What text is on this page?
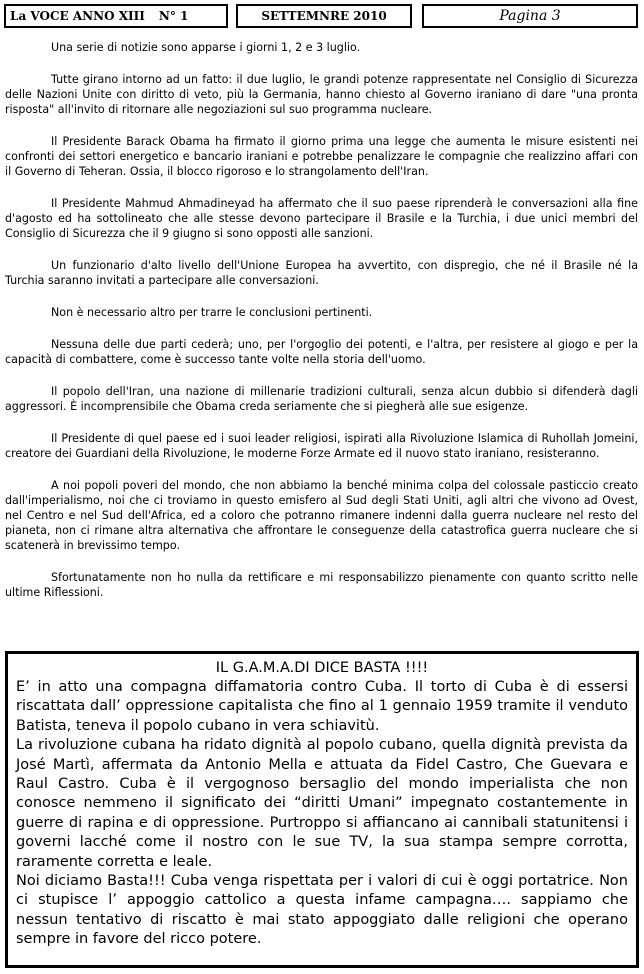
La VOCE ANNO XIII N° 1	SETTEMNRE 2010	Pagina 3

Una serie di notizie sono apparse i giorni 1, 2 e 3 luglio.

Tutte girano intorno ad un fatto: il due luglio, le grandi potenze rappresentate nel Consiglio di Sicurezza delle Nazioni Unite con diritto di veto, più la Germania, hanno chiesto al Governo iraniano di dare "una pronta risposta" all'invito di ritornare alle negoziazioni sul suo programma nucleare.

Il Presidente Barack Obama ha firmato il giorno prima una legge che aumenta le misure esistenti nei confronti dei settori energetico e bancario iraniani e potrebbe penalizzare le compagnie che realizzino affari con il Governo di Teheran. Ossia, il blocco rigoroso e lo strangolamento dell'Iran.

Il Presidente Mahmud Ahmadineyad ha affermato che il suo paese riprenderà le conversazioni alla fine d'agosto ed ha sottolineato che alle stesse devono partecipare il Brasile e la Turchia, i due unici membri del Consiglio di Sicurezza che il 9 giugno si sono opposti alle sanzioni.

Un funzionario d'alto livello dell'Unione Europea ha avvertito, con dispregio, che né il Brasile né la Turchia saranno invitati a partecipare alle conversazioni.

Non è necessario altro per trarre le conclusioni pertinenti.

Nessuna delle due parti cederà; uno, per l'orgoglio dei potenti, e l'altra, per resistere al giogo e per la capacità di combattere, come è successo tante volte nella storia dell'uomo.

Il popolo dell'Iran, una nazione di millenarie tradizioni culturali, senza alcun dubbio si difenderà dagli aggressori. È incomprensibile che Obama creda seriamente che si piegherà alle sue esigenze.

Il Presidente di quel paese ed i suoi leader religiosi, ispirati alla Rivoluzione Islamica di Ruhollah Jomeini, creatore dei Guardiani della Rivoluzione, le moderne Forze Armate ed il nuovo stato iraniano, resisteranno.

A noi popoli poveri del mondo, che non abbiamo la benché minima colpa del colossale pasticcio creato dall'imperialismo, noi che ci troviamo in questo emisfero al Sud degli Stati Uniti, agli altri che vivono ad Ovest, nel Centro e nel Sud dell'Africa, ed a coloro che potranno rimanere indenni dalla guerra nucleare nel resto del pianeta, non ci rimane altra alternativa che affrontare le conseguenze della catastrofica guerra nucleare che si scatenerà in brevissimo tempo.

Sfortunatamente non ho nulla da rettificare e mi responsabilizzo pienamente con quanto scritto nelle ultime Riflessioni.

IL G.A.M.A.DI DICE BASTA !!!!

E’ in atto una compagna diffamatoria contro Cuba. Il torto di Cuba è di essersi riscattata dall’ oppressione capitalista che fino al 1 gennaio 1959 tramite il venduto Batista, teneva il popolo cubano in vera schiavitù.

La rivoluzione cubana ha ridato dignità al popolo cubano, quella dignità prevista da José Martì, affermata da Antonio Mella e attuata da Fidel Castro, Che Guevara e Raul Castro. Cuba è il vergognoso bersaglio del mondo imperialista che non conosce nemmeno il significato dei “diritti Umani” impegnato costantemente in guerre di rapina e di oppressione. Purtroppo si affiancano ai cannibali statunitensi i governi lacché come il nostro con le sue TV, la sua stampa sempre corrotta, raramente corretta e leale.

Noi diciamo Basta!!! Cuba venga rispettata per i valori di cui è oggi portatrice. Non ci stupisce l’ appoggio cattolico a questa infame campagna…. sappiamo che nessun tentativo di riscatto è mai stato appoggiato dalle religioni che operano sempre in favore del ricco potere.
